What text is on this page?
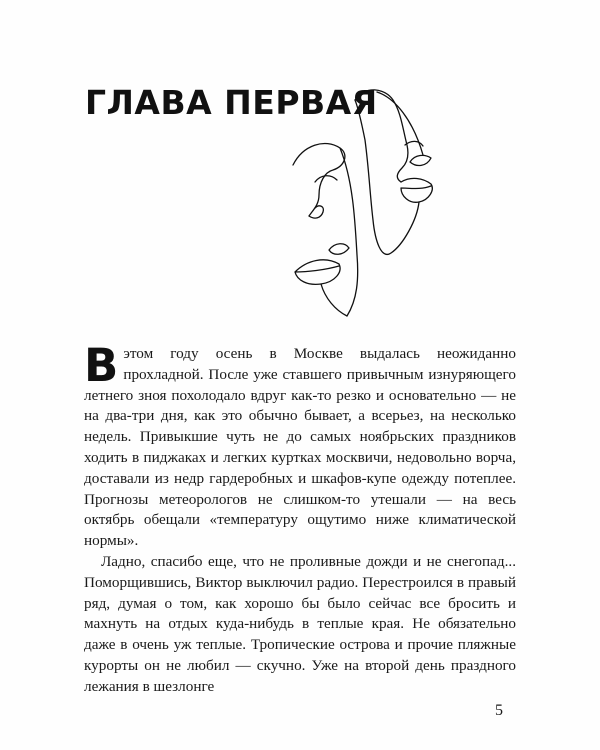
ГЛАВА ПЕРВАЯ

В этом году осень в Москве выдалась неожиданно прохладной. После уже ставшего привычным изнуряющего летнего зноя похолодало вдруг как-то резко и основательно — не на два-три дня, как это обычно бывает, а всерьез, на несколько недель. Привыкшие чуть не до самых ноябрьских праздников ходить в пиджаках и легких куртках москвичи, недовольно ворча, доставали из недр гардеробных и шкафов-купе одежду потеплее. Прогнозы метеорологов не слишком-то утешали — на весь октябрь обещали «температуру ощутимо ниже климатической нормы».

Ладно, спасибо еще, что не проливные дожди и не снегопад... Поморщившись, Виктор выключил радио. Перестроился в правый ряд, думая о том, как хорошо бы было сейчас все бросить и махнуть на отдых куда-нибудь в теплые края. Не обязательно даже в очень уж теплые. Тропические острова и прочие пляжные курорты он не любил — скучно. Уже на второй день праздного лежания в шезлонге

5
